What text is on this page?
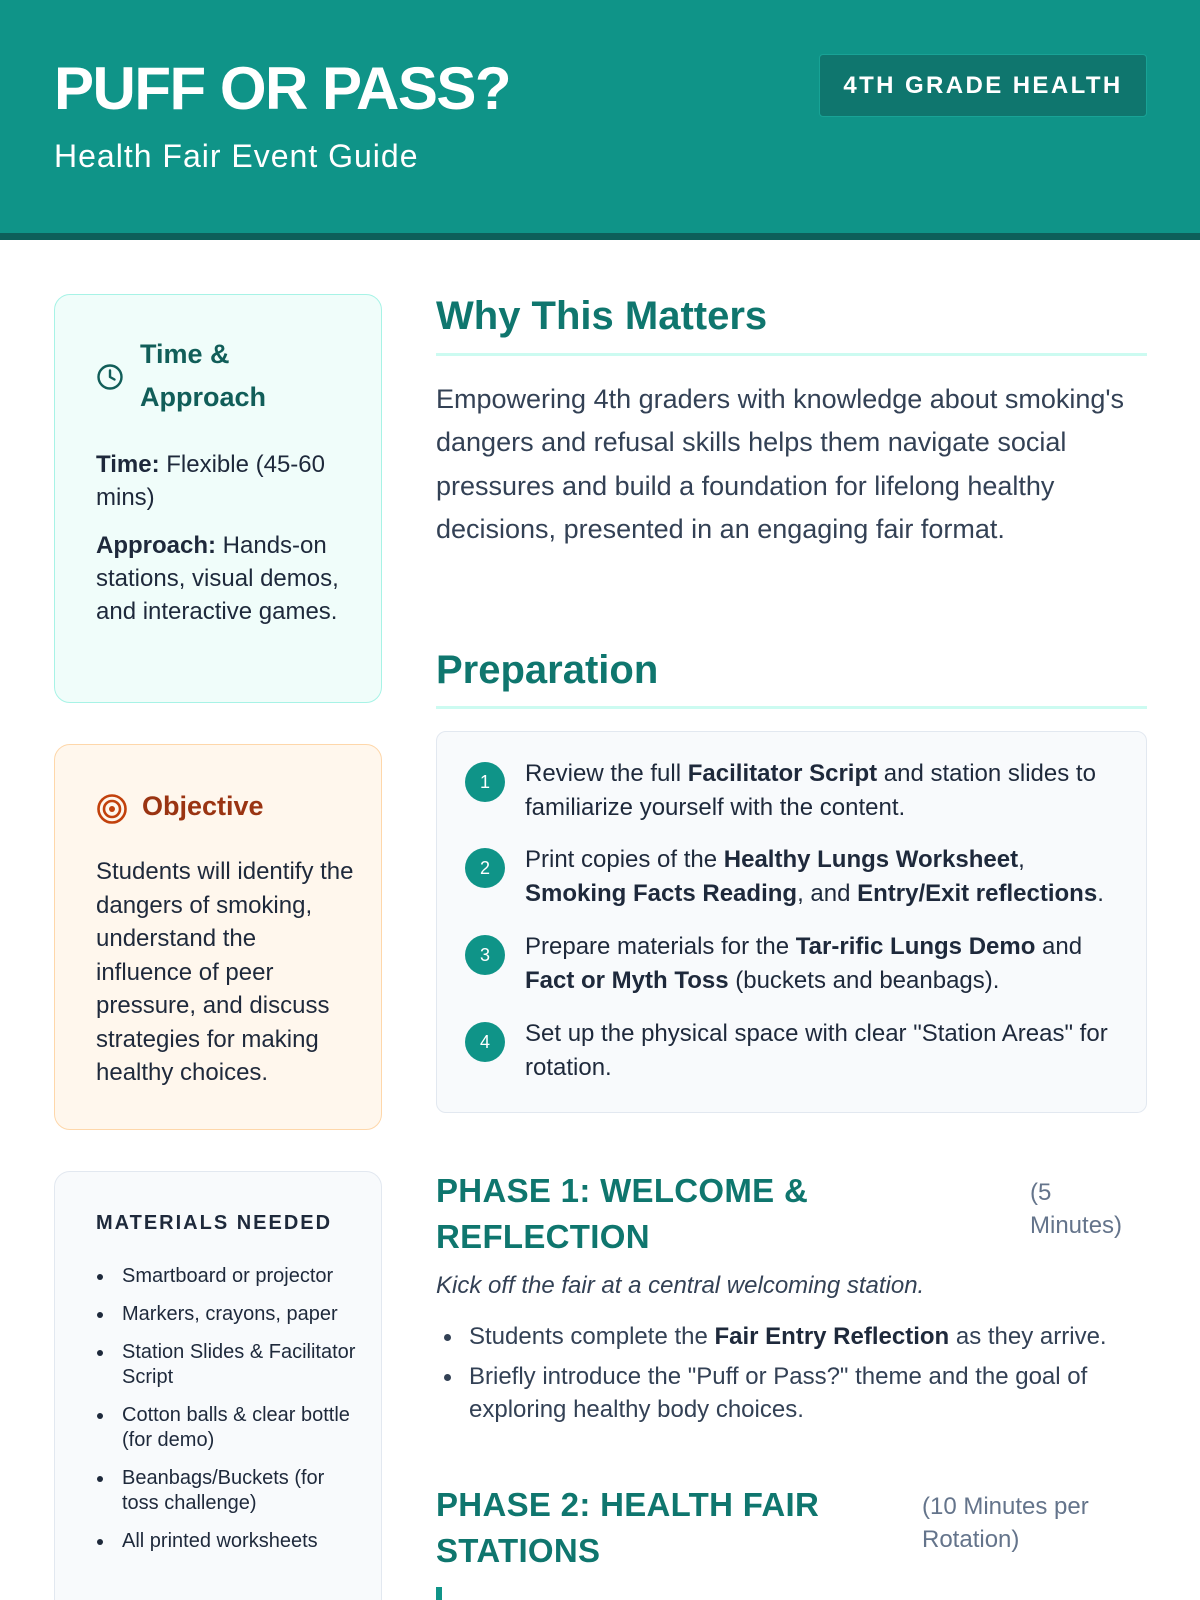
PUFF OR PASS?
Health Fair Event Guide
4TH GRADE HEALTH
Time & Approach
Time: Flexible (45-60 mins)
Approach: Hands-on stations, visual demos, and interactive games.
Objective
Students will identify the dangers of smoking, understand the influence of peer pressure, and discuss strategies for making healthy choices.
MATERIALS NEEDED
Smartboard or projector
Markers, crayons, paper
Station Slides & Facilitator Script
Cotton balls & clear bottle (for demo)
Beanbags/Buckets (for toss challenge)
All printed worksheets
Why This Matters
Empowering 4th graders with knowledge about smoking's dangers and refusal skills helps them navigate social pressures and build a foundation for lifelong healthy decisions, presented in an engaging fair format.
Preparation
1	Review the full Facilitator Script and station slides to familiarize yourself with the content.
2	Print copies of the Healthy Lungs Worksheet, Smoking Facts Reading, and Entry/Exit reflections.
3	Prepare materials for the Tar-rific Lungs Demo and Fact or Myth Toss (buckets and beanbags).
4	Set up the physical space with clear "Station Areas" for rotation.
PHASE 1: WELCOME & REFLECTION
(5 Minutes)
Kick off the fair at a central welcoming station.
Students complete the Fair Entry Reflection as they arrive.
Briefly introduce the "Puff or Pass?" theme and the goal of exploring healthy body choices.
PHASE 2: HEALTH FAIR STATIONS
(10 Minutes per Rotation)
